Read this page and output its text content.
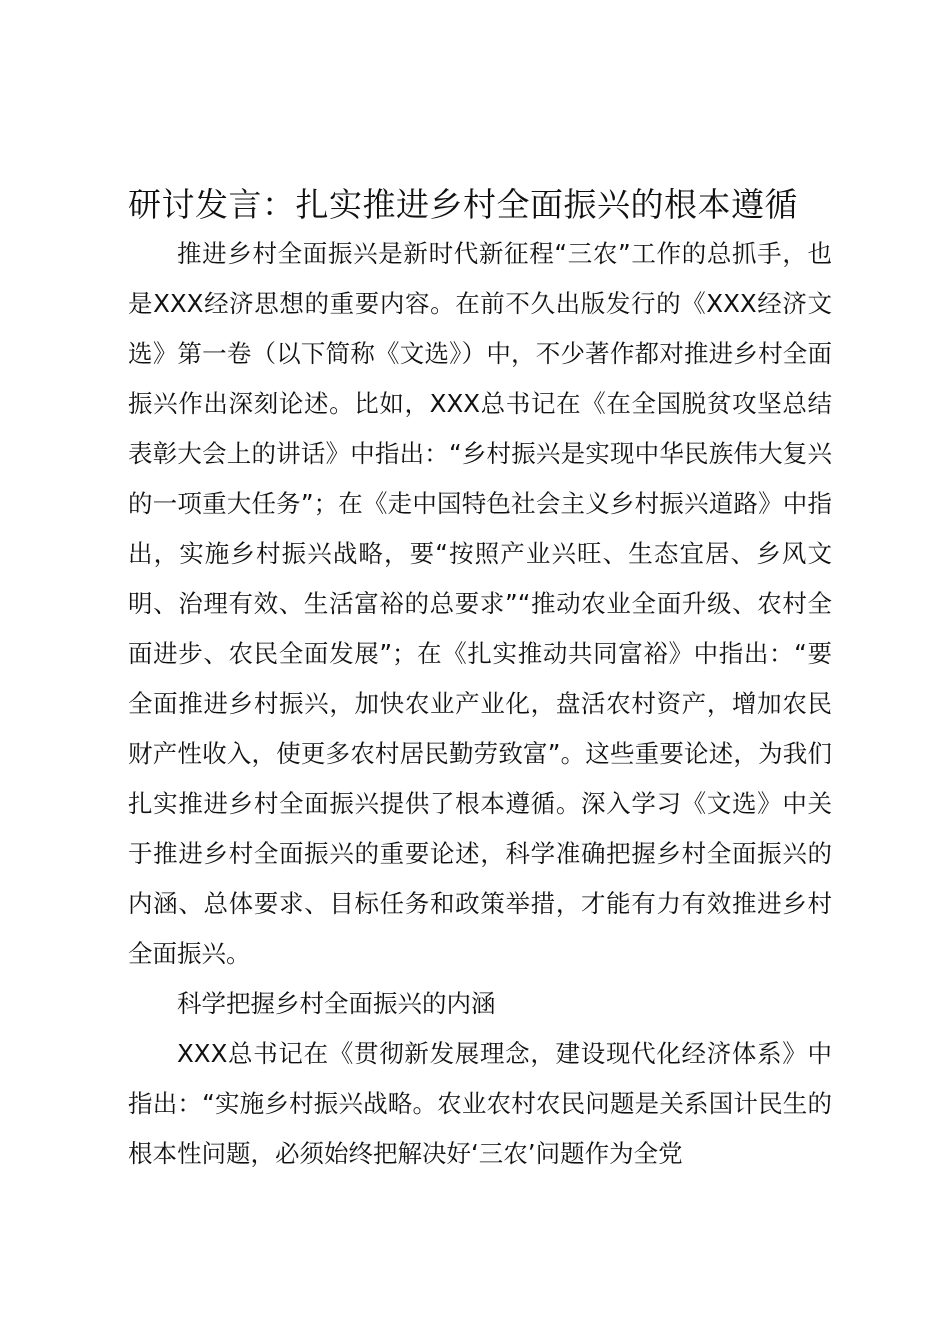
研讨发言：扎实推进乡村全面振兴的根本遵循

推进乡村全面振兴是新时代新征程“三农”工作的总抓手，也是XXX经济思想的重要内容。在前不久出版发行的《XXX经济文选》第一卷（以下简称《文选》）中，不少著作都对推进乡村全面振兴作出深刻论述。比如，XXX总书记在《在全国脱贫攻坚总结表彰大会上的讲话》中指出：“乡村振兴是实现中华民族伟大复兴的一项重大任务”；在《走中国特色社会主义乡村振兴道路》中指出，实施乡村振兴战略，要“按照产业兴旺、生态宜居、乡风文明、治理有效、生活富裕的总要求”“推动农业全面升级、农村全面进步、农民全面发展”；在《扎实推动共同富裕》中指出：“要全面推进乡村振兴，加快农业产业化，盘活农村资产，增加农民财产性收入，使更多农村居民勤劳致富”。这些重要论述，为我们扎实推进乡村全面振兴提供了根本遵循。深入学习《文选》中关于推进乡村全面振兴的重要论述，科学准确把握乡村全面振兴的内涵、总体要求、目标任务和政策举措，才能有力有效推进乡村全面振兴。

科学把握乡村全面振兴的内涵

XXX总书记在《贯彻新发展理念，建设现代化经济体系》中指出：“实施乡村振兴战略。农业农村农民问题是关系国计民生的根本性问题，必须始终把解决好‘三农’问题作为全党
